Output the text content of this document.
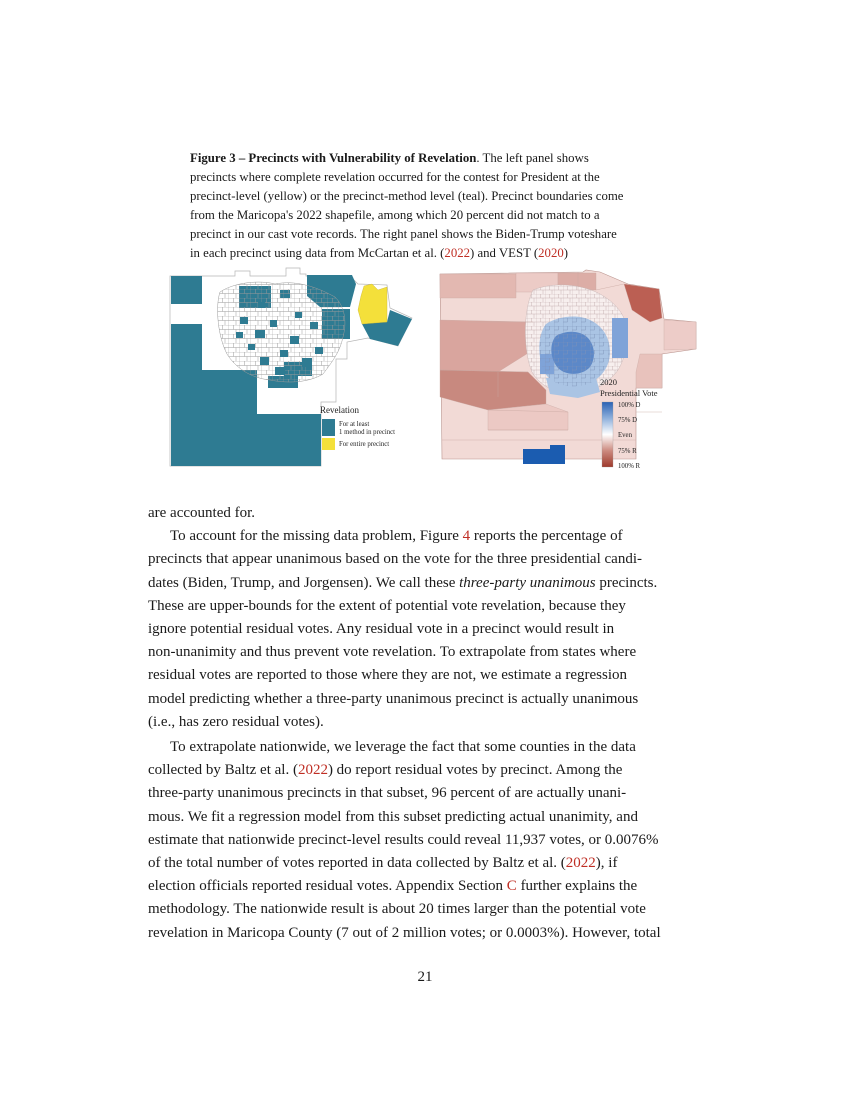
Figure 3 – Precincts with Vulnerability of Revelation. The left panel shows
precincts where complete revelation occurred for the contest for President at the
precinct-level (yellow) or the precinct-method level (teal). Precinct boundaries come
from the Maricopa's 2022 shapefile, among which 20 percent did not match to a
precinct in our cast vote records. The right panel shows the Biden-Trump voteshare
in each precinct using data from McCartan et al. (2022) and VEST (2020)
Revelation
For at least
1 method in precinct
For entire precinct
2020
Presidential Vote
100% D
75% D
Even
75% R
100% R
are accounted for.
To account for the missing data problem, Figure 4 reports the percentage of
precincts that appear unanimous based on the vote for the three presidential candi-
dates (Biden, Trump, and Jorgensen). We call these three-party unanimous precincts.
These are upper-bounds for the extent of potential vote revelation, because they
ignore potential residual votes. Any residual vote in a precinct would result in
non-unanimity and thus prevent vote revelation. To extrapolate from states where
residual votes are reported to those where they are not, we estimate a regression
model predicting whether a three-party unanimous precinct is actually unanimous
(i.e., has zero residual votes).
To extrapolate nationwide, we leverage the fact that some counties in the data
collected by Baltz et al. (2022) do report residual votes by precinct. Among the
three-party unanimous precincts in that subset, 96 percent of are actually unani-
mous. We fit a regression model from this subset predicting actual unanimity, and
estimate that nationwide precinct-level results could reveal 11,937 votes, or 0.0076%
of the total number of votes reported in data collected by Baltz et al. (2022), if
election officials reported residual votes. Appendix Section C further explains the
methodology. The nationwide result is about 20 times larger than the potential vote
revelation in Maricopa County (7 out of 2 million votes; or 0.0003%). However, total
21
